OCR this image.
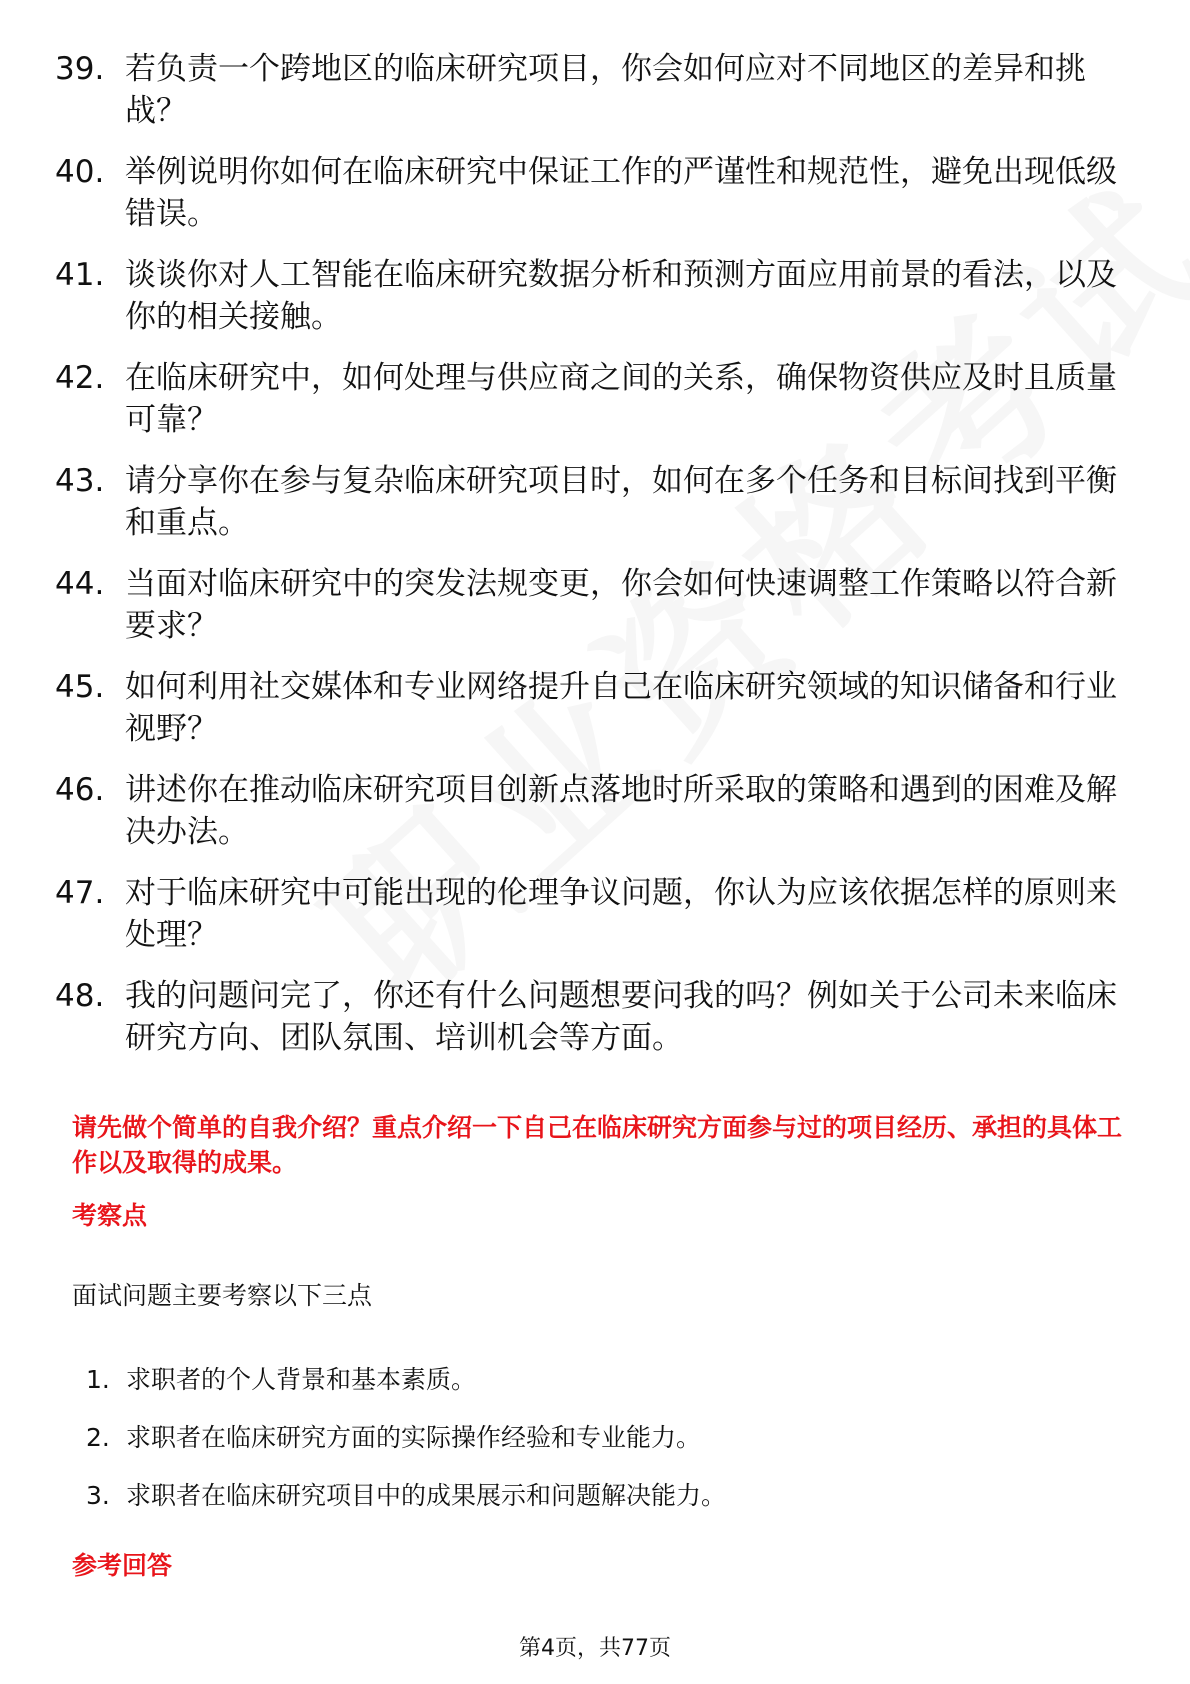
39. 若负责一个跨地区的临床研究项目，你会如何应对不同地区的差异和挑战？
40. 举例说明你如何在临床研究中保证工作的严谨性和规范性，避免出现低级错误。
41. 谈谈你对人工智能在临床研究数据分析和预测方面应用前景的看法，以及你的相关接触。
42. 在临床研究中，如何处理与供应商之间的关系，确保物资供应及时且质量可靠？
43. 请分享你在参与复杂临床研究项目时，如何在多个任务和目标间找到平衡和重点。
44. 当面对临床研究中的突发法规变更，你会如何快速调整工作策略以符合新要求？
45. 如何利用社交媒体和专业网络提升自己在临床研究领域的知识储备和行业视野？
46. 讲述你在推动临床研究项目创新点落地时所采取的策略和遇到的困难及解决办法。
47. 对于临床研究中可能出现的伦理争议问题，你认为应该依据怎样的原则来处理？
48. 我的问题问完了，你还有什么问题想要问我的吗？例如关于公司未来临床研究方向、团队氛围、培训机会等方面。

请先做个简单的自我介绍？重点介绍一下自己在临床研究方面参与过的项目经历、承担的具体工作以及取得的成果。

考察点

面试问题主要考察以下三点

1. 求职者的个人背景和基本素质。
2. 求职者在临床研究方面的实际操作经验和专业能力。
3. 求职者在临床研究项目中的成果展示和问题解决能力。

参考回答

第4页，共77页
